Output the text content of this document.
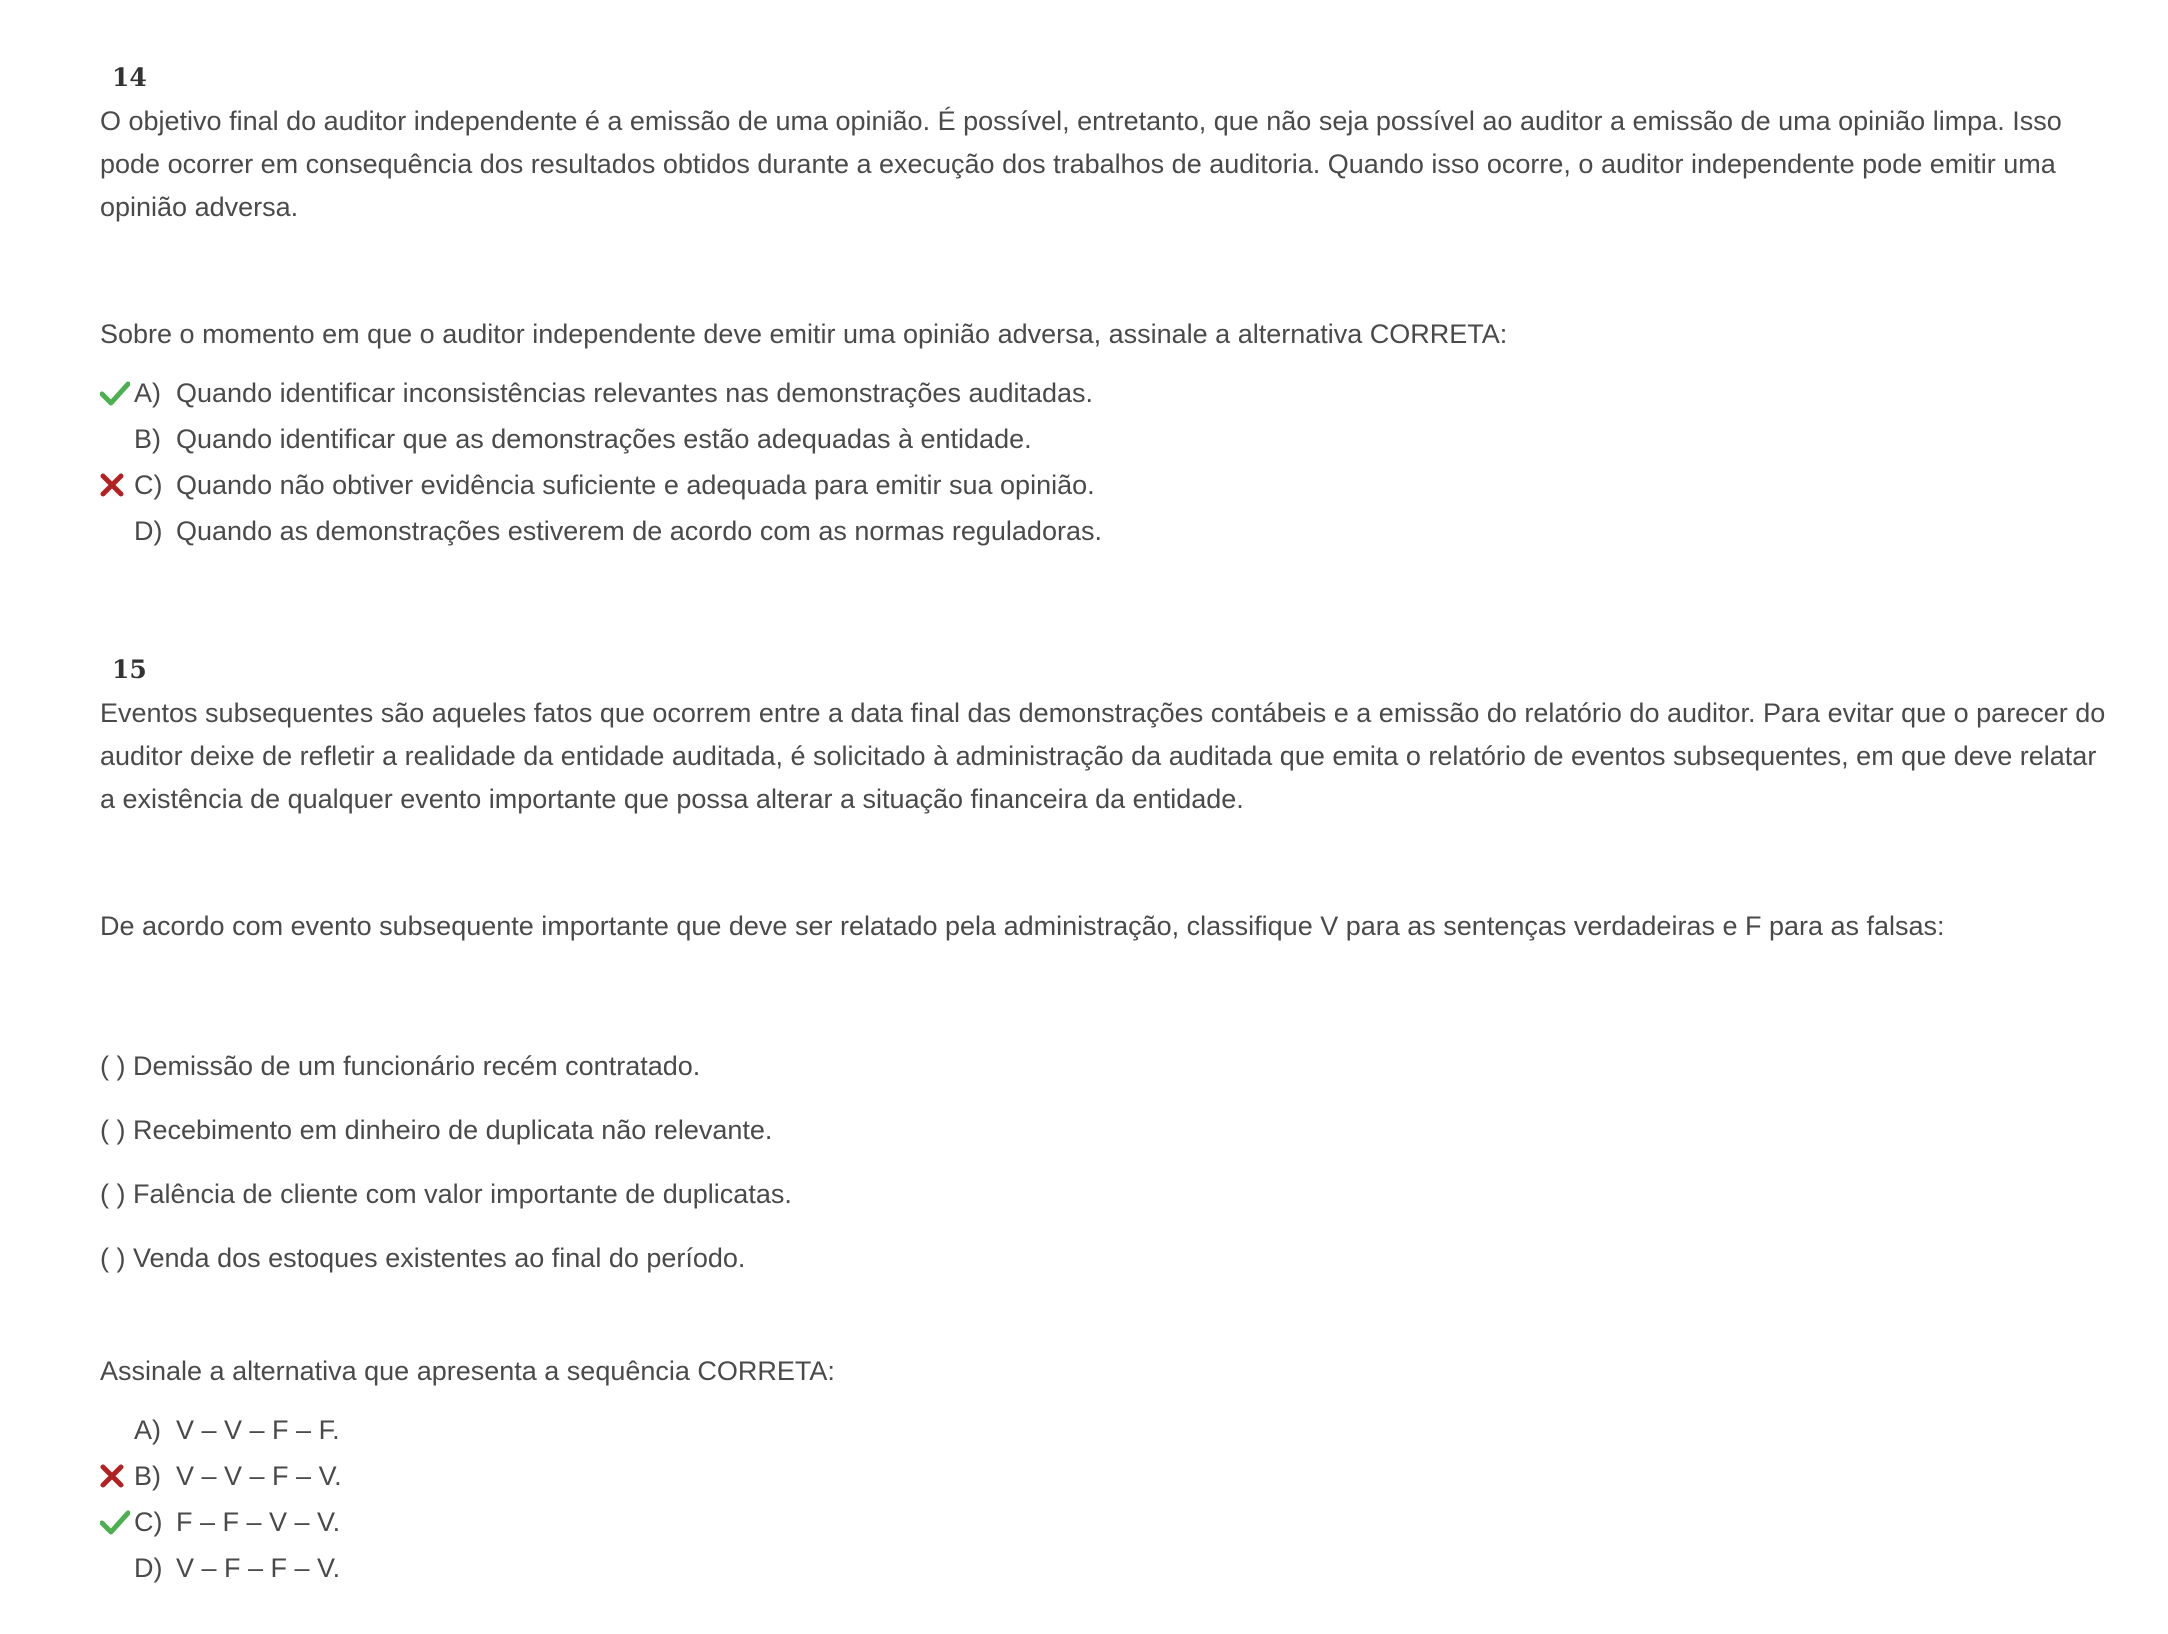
14

O objetivo final do auditor independente é a emissão de uma opinião. É possível, entretanto, que não seja possível ao auditor a emissão de uma opinião limpa. Isso pode ocorrer em consequência dos resultados obtidos durante a execução dos trabalhos de auditoria. Quando isso ocorre, o auditor independente pode emitir uma opinião adversa.

Sobre o momento em que o auditor independente deve emitir uma opinião adversa, assinale a alternativa CORRETA:

A) Quando identificar inconsistências relevantes nas demonstrações auditadas.
B) Quando identificar que as demonstrações estão adequadas à entidade.
C) Quando não obtiver evidência suficiente e adequada para emitir sua opinião.
D) Quando as demonstrações estiverem de acordo com as normas reguladoras.
15

Eventos subsequentes são aqueles fatos que ocorrem entre a data final das demonstrações contábeis e a emissão do relatório do auditor. Para evitar que o parecer do auditor deixe de refletir a realidade da entidade auditada, é solicitado à administração da auditada que emita o relatório de eventos subsequentes, em que deve relatar a existência de qualquer evento importante que possa alterar a situação financeira da entidade.

De acordo com evento subsequente importante que deve ser relatado pela administração, classifique V para as sentenças verdadeiras e F para as falsas:

( ) Demissão de um funcionário recém contratado.

( ) Recebimento em dinheiro de duplicata não relevante.

( ) Falência de cliente com valor importante de duplicatas.

( ) Venda dos estoques existentes ao final do período.

Assinale a alternativa que apresenta a sequência CORRETA:

A) V – V – F – F.
B) V – V – F – V.
C) F – F – V – V.
D) V – F – F – V.
